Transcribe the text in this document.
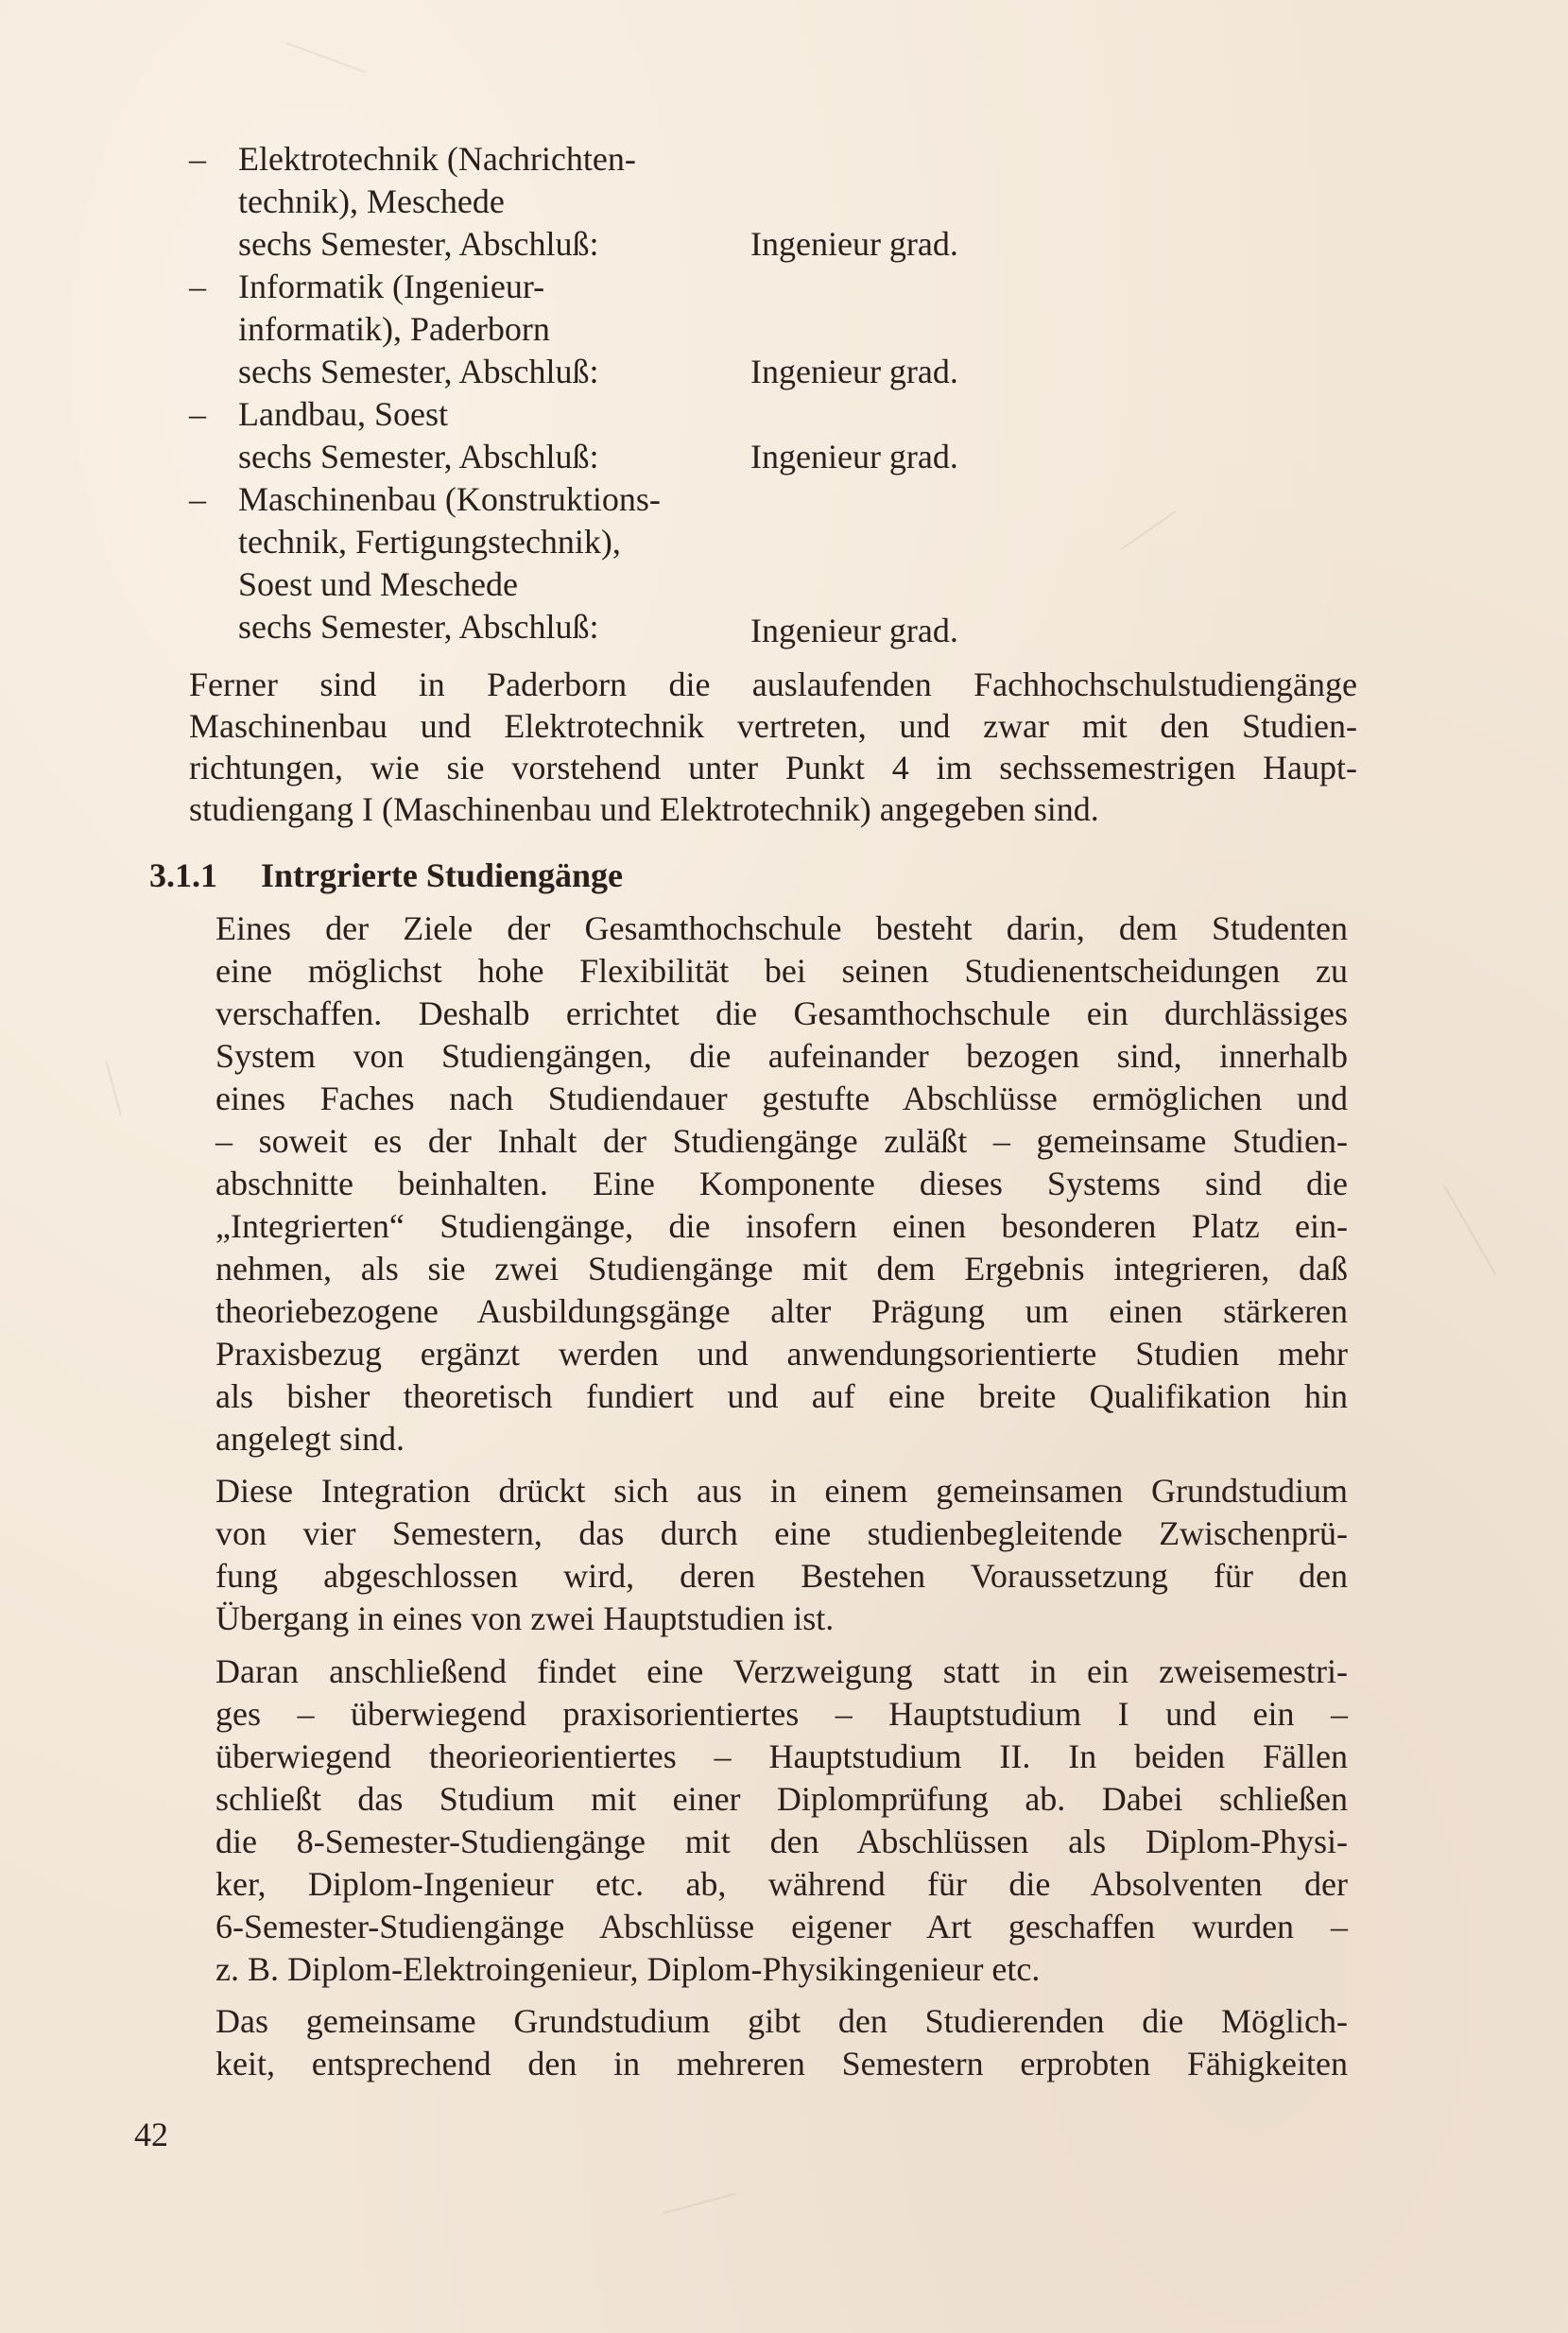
– Elektrotechnik (Nachrichten-
technik), Meschede
sechs Semester, Abschluß:	Ingenieur grad.
– Informatik (Ingenieur-
informatik), Paderborn
sechs Semester, Abschluß:	Ingenieur grad.
– Landbau, Soest
sechs Semester, Abschluß:	Ingenieur grad.
– Maschinenbau (Konstruktions-
technik, Fertigungstechnik),
Soest und Meschede
sechs Semester, Abschluß:	Ingenieur grad.
Ferner sind in Paderborn die auslaufenden Fachhochschulstudiengänge
Maschinenbau und Elektrotechnik vertreten, und zwar mit den Studien-
richtungen, wie sie vorstehend unter Punkt 4 im sechssemestrigen Haupt-
studiengang I (Maschinenbau und Elektrotechnik) angegeben sind.
3.1.1 Intrgrierte Studiengänge
Eines der Ziele der Gesamthochschule besteht darin, dem Studenten
eine möglichst hohe Flexibilität bei seinen Studienentscheidungen zu
verschaffen. Deshalb errichtet die Gesamthochschule ein durchlässiges
System von Studiengängen, die aufeinander bezogen sind, innerhalb
eines Faches nach Studiendauer gestufte Abschlüsse ermöglichen und
– soweit es der Inhalt der Studiengänge zuläßt – gemeinsame Studien-
abschnitte beinhalten. Eine Komponente dieses Systems sind die
„Integrierten“ Studiengänge, die insofern einen besonderen Platz ein-
nehmen, als sie zwei Studiengänge mit dem Ergebnis integrieren, daß
theoriebezogene Ausbildungsgänge alter Prägung um einen stärkeren
Praxisbezug ergänzt werden und anwendungsorientierte Studien mehr
als bisher theoretisch fundiert und auf eine breite Qualifikation hin
angelegt sind.
Diese Integration drückt sich aus in einem gemeinsamen Grundstudium
von vier Semestern, das durch eine studienbegleitende Zwischenprü-
fung abgeschlossen wird, deren Bestehen Voraussetzung für den
Übergang in eines von zwei Hauptstudien ist.
Daran anschließend findet eine Verzweigung statt in ein zweisemestri-
ges – überwiegend praxisorientiertes – Hauptstudium I und ein –
überwiegend theorieorientiertes – Hauptstudium II. In beiden Fällen
schließt das Studium mit einer Diplomprüfung ab. Dabei schließen
die 8-Semester-Studiengänge mit den Abschlüssen als Diplom-Physi-
ker, Diplom-Ingenieur etc. ab, während für die Absolventen der
6-Semester-Studiengänge Abschlüsse eigener Art geschaffen wurden –
z. B. Diplom-Elektroingenieur, Diplom-Physikingenieur etc.
Das gemeinsame Grundstudium gibt den Studierenden die Möglich-
keit, entsprechend den in mehreren Semestern erprobten Fähigkeiten
42
